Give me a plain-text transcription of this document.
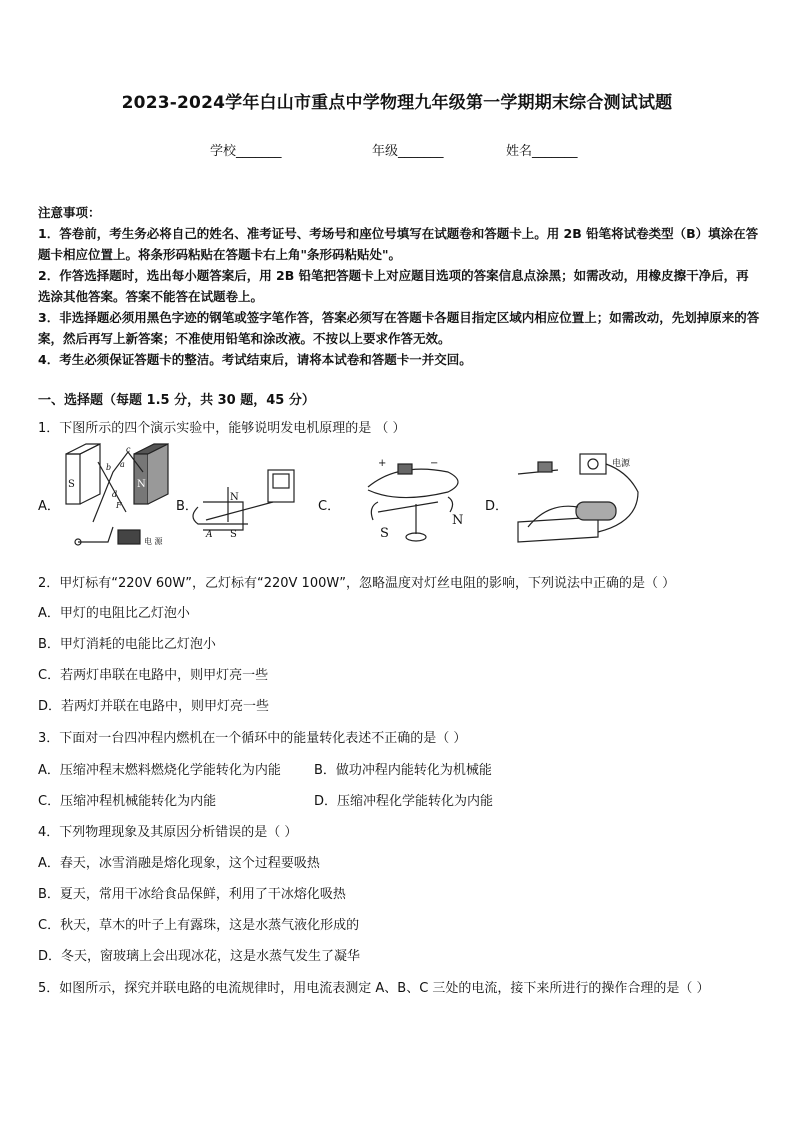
2023-2024学年白山市重点中学物理九年级第一学期期末综合测试试题
学校_______	年级_______	姓名_______
注意事项：
1．答卷前，考生务必将自己的姓名、准考证号、考场号和座位号填写在试题卷和答题卡上。用 2B 铅笔将试卷类型（B）填涂在答题卡相应位置上。将条形码粘贴在答题卡右上角"条形码粘贴处"。
2．作答选择题时，选出每小题答案后，用 2B 铅笔把答题卡上对应题目选项的答案信息点涂黑；如需改动，用橡皮擦干净后，再选涂其他答案。答案不能答在试题卷上。
3．非选择题必须用黑色字迹的钢笔或签字笔作答，答案必须写在答题卡各题目指定区域内相应位置上；如需改动，先划掉原来的答案，然后再写上新答案；不准使用铅笔和涂改液。不按以上要求作答无效。
4．考生必须保证答题卡的整洁。考试结束后，请将本试卷和答题卡一并交回。
一、选择题（每题 1.5 分，共 30 题，45 分）
1．下图所示的四个演示实验中，能够说明发电机原理的是 （ ）
A．	B．	C．	D．
S	N
a
b
c
d
F
电 源
N
S
A
+	−
S
N
电源
2．甲灯标有“220V 60W”，乙灯标有“220V 100W”，忽略温度对灯丝电阻的影响，下列说法中正确的是（ ）
A．甲灯的电阻比乙灯泡小
B．甲灯消耗的电能比乙灯泡小
C．若两灯串联在电路中，则甲灯亮一些
D．若两灯并联在电路中，则甲灯亮一些
3．下面对一台四冲程内燃机在一个循环中的能量转化表述不正确的是（ ）
A．压缩冲程末燃料燃烧化学能转化为内能	B．做功冲程内能转化为机械能
C．压缩冲程机械能转化为内能	D．压缩冲程化学能转化为内能
4．下列物理现象及其原因分析错误的是（ ）
A．春天，冰雪消融是熔化现象，这个过程要吸热
B．夏天，常用干冰给食品保鲜，利用了干冰熔化吸热
C．秋天，草木的叶子上有露珠，这是水蒸气液化形成的
D．冬天，窗玻璃上会出现冰花，这是水蒸气发生了凝华
5．如图所示，探究并联电路的电流规律时，用电流表测定 A、B、C 三处的电流，接下来所进行的操作合理的是（ ）
